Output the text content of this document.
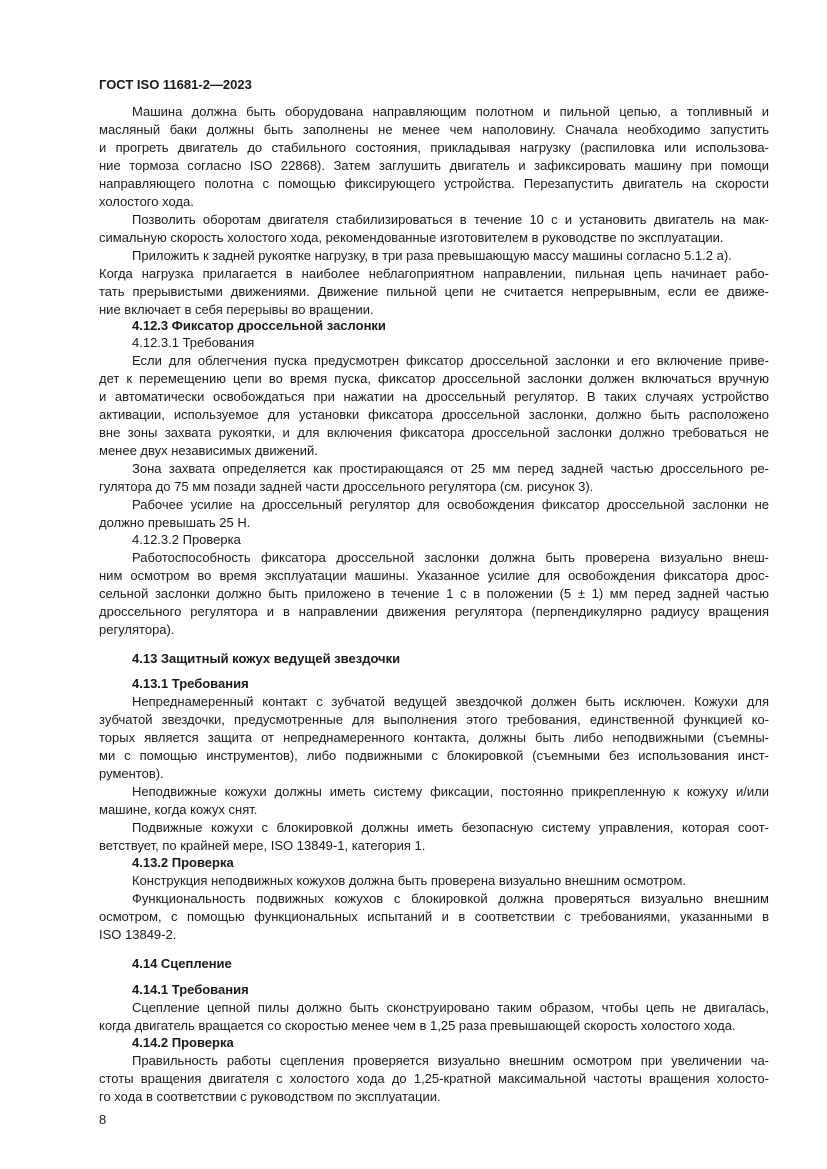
ГОСТ ISO 11681-2—2023
Машина должна быть оборудована направляющим полотном и пильной цепью, а топливный и
масляный баки должны быть заполнены не менее чем наполовину. Сначала необходимо запустить
и прогреть двигатель до стабильного состояния, прикладывая нагрузку (распиловка или использова-
ние тормоза согласно ISO 22868). Затем заглушить двигатель и зафиксировать машину при помощи
направляющего полотна с помощью фиксирующего устройства. Перезапустить двигатель на скорости
холостого хода.
Позволить оборотам двигателя стабилизироваться в течение 10 с и установить двигатель на мак-
симальную скорость холостого хода, рекомендованные изготовителем в руководстве по эксплуатации.
Приложить к задней рукоятке нагрузку, в три раза превышающую массу машины согласно 5.1.2 a).
Когда нагрузка прилагается в наиболее неблагоприятном направлении, пильная цепь начинает рабо-
тать прерывистыми движениями. Движение пильной цепи не считается непрерывным, если ее движе-
ние включает в себя перерывы во вращении.
4.12.3 Фиксатор дроссельной заслонки
4.12.3.1 Требования
Если для облегчения пуска предусмотрен фиксатор дроссельной заслонки и его включение приве-
дет к перемещению цепи во время пуска, фиксатор дроссельной заслонки должен включаться вручную
и автоматически освобождаться при нажатии на дроссельный регулятор. В таких случаях устройство
активации, используемое для установки фиксатора дроссельной заслонки, должно быть расположено
вне зоны захвата рукоятки, и для включения фиксатора дроссельной заслонки должно требоваться не
менее двух независимых движений.
Зона захвата определяется как простирающаяся от 25 мм перед задней частью дроссельного ре-
гулятора до 75 мм позади задней части дроссельного регулятора (см. рисунок 3).
Рабочее усилие на дроссельный регулятор для освобождения фиксатор дроссельной заслонки не
должно превышать 25 Н.
4.12.3.2 Проверка
Работоспособность фиксатора дроссельной заслонки должна быть проверена визуально внеш-
ним осмотром во время эксплуатации машины. Указанное усилие для освобождения фиксатора дрос-
сельной заслонки должно быть приложено в течение 1 с в положении (5 ± 1) мм перед задней частью
дроссельного регулятора и в направлении движения регулятора (перпендикулярно радиусу вращения
регулятора).
4.13 Защитный кожух ведущей звездочки
4.13.1 Требования
Непреднамеренный контакт с зубчатой ведущей звездочкой должен быть исключен. Кожухи для
зубчатой звездочки, предусмотренные для выполнения этого требования, единственной функцией ко-
торых является защита от непреднамеренного контакта, должны быть либо неподвижными (съемны-
ми с помощью инструментов), либо подвижными с блокировкой (съемными без использования инст-
рументов).
Неподвижные кожухи должны иметь систему фиксации, постоянно прикрепленную к кожуху и/или
машине, когда кожух снят.
Подвижные кожухи с блокировкой должны иметь безопасную систему управления, которая соот-
ветствует, по крайней мере, ISO 13849-1, категория 1.
4.13.2 Проверка
Конструкция неподвижных кожухов должна быть проверена визуально внешним осмотром.
Функциональность подвижных кожухов с блокировкой должна проверяться визуально внешним
осмотром, с помощью функциональных испытаний и в соответствии с требованиями, указанными в
ISO 13849-2.
4.14 Сцепление
4.14.1 Требования
Сцепление цепной пилы должно быть сконструировано таким образом, чтобы цепь не двигалась,
когда двигатель вращается со скоростью менее чем в 1,25 раза превышающей скорость холостого хода.
4.14.2 Проверка
Правильность работы сцепления проверяется визуально внешним осмотром при увеличении ча-
стоты вращения двигателя с холостого хода до 1,25-кратной максимальной частоты вращения холосто-
го хода в соответствии с руководством по эксплуатации.
8
